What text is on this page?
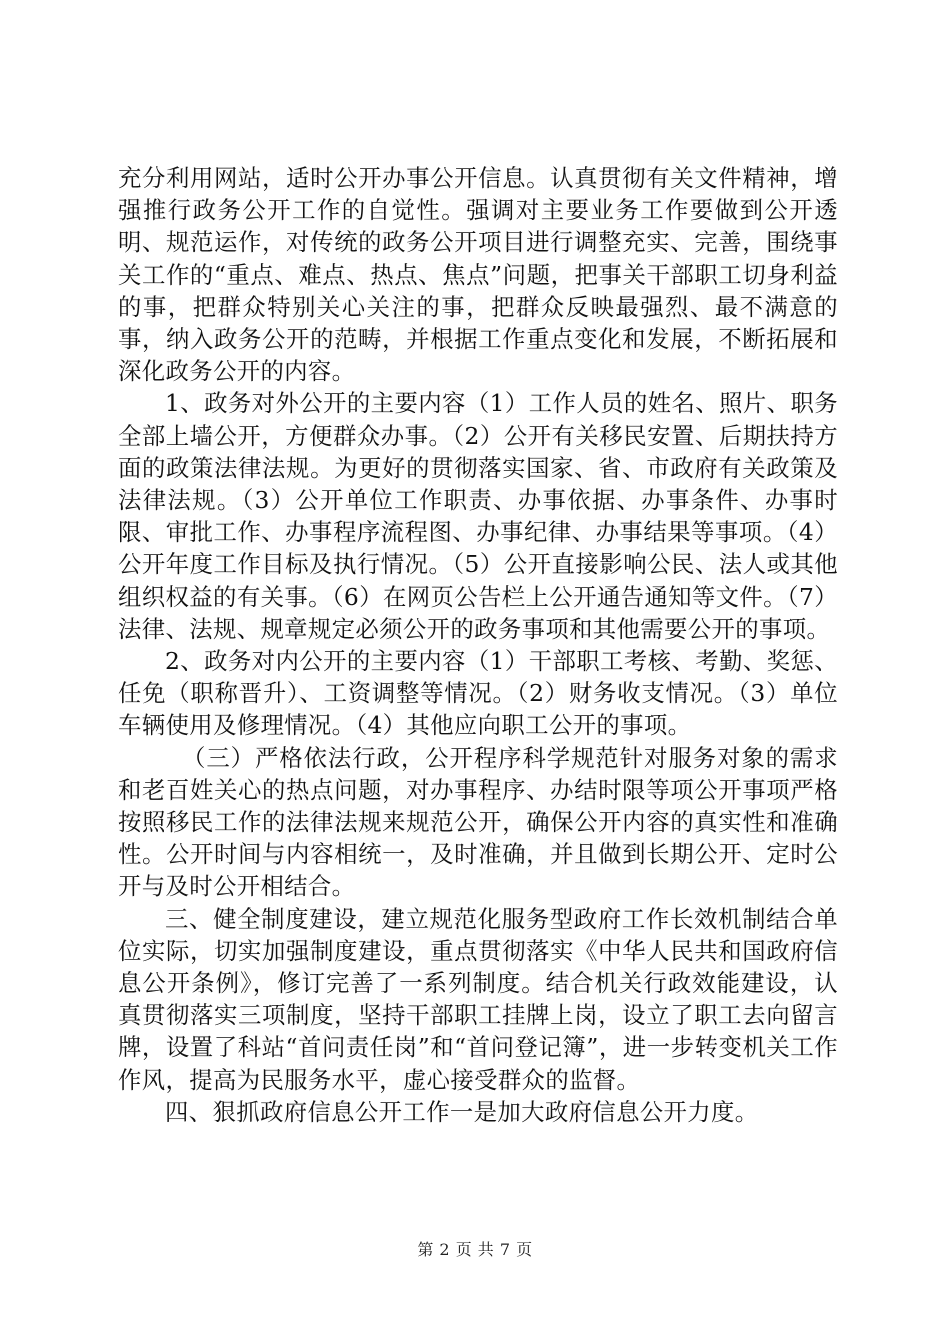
充分利用网站，适时公开办事公开信息。认真贯彻有关文件精神，增强推行政务公开工作的自觉性。强调对主要业务工作要做到公开透明、规范运作，对传统的政务公开项目进行调整充实、完善，围绕事关工作的“重点、难点、热点、焦点”问题，把事关干部职工切身利益的事，把群众特别关心关注的事，把群众反映最强烈、最不满意的事，纳入政务公开的范畴，并根据工作重点变化和发展，不断拓展和深化政务公开的内容。

1、政务对外公开的主要内容（1）工作人员的姓名、照片、职务全部上墙公开，方便群众办事。（2）公开有关移民安置、后期扶持方面的政策法律法规。为更好的贯彻落实国家、省、市政府有关政策及法律法规。（3）公开单位工作职责、办事依据、办事条件、办事时限、审批工作、办事程序流程图、办事纪律、办事结果等事项。（4）公开年度工作目标及执行情况。（5）公开直接影响公民、法人或其他组织权益的有关事。（6）在网页公告栏上公开通告通知等文件。（7）法律、法规、规章规定必须公开的政务事项和其他需要公开的事项。

2、政务对内公开的主要内容（1）干部职工考核、考勤、奖惩、任免（职称晋升）、工资调整等情况。（2）财务收支情况。（3）单位车辆使用及修理情况。（4）其他应向职工公开的事项。

（三）严格依法行政，公开程序科学规范针对服务对象的需求和老百姓关心的热点问题，对办事程序、办结时限等项公开事项严格按照移民工作的法律法规来规范公开，确保公开内容的真实性和准确性。公开时间与内容相统一，及时准确，并且做到长期公开、定时公开与及时公开相结合。

三、健全制度建设，建立规范化服务型政府工作长效机制结合单位实际，切实加强制度建设，重点贯彻落实《中华人民共和国政府信息公开条例》，修订完善了一系列制度。结合机关行政效能建设，认真贯彻落实三项制度，坚持干部职工挂牌上岗，设立了职工去向留言牌，设置了科站“首问责任岗”和“首问登记簿”，进一步转变机关工作作风，提高为民服务水平，虚心接受群众的监督。

四、狠抓政府信息公开工作一是加大政府信息公开力度。

第 2 页 共 7 页
